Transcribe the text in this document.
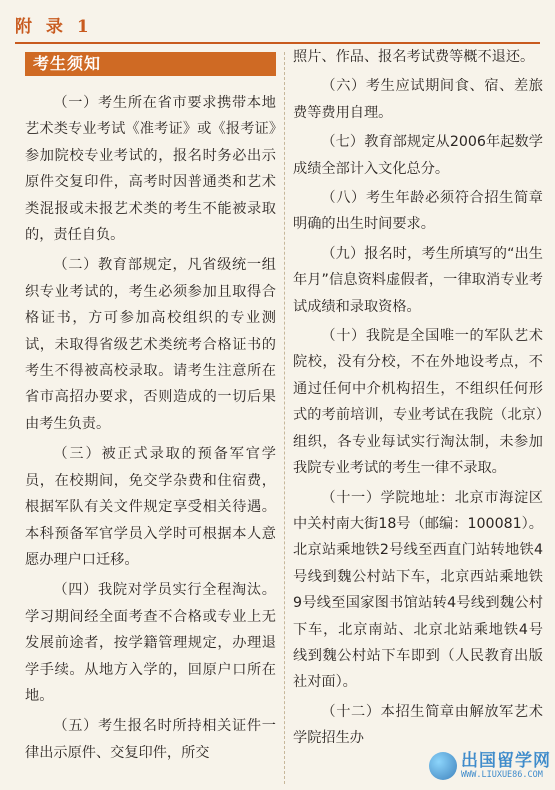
附 录 1
考生须知

（一）考生所在省市要求携带本地艺术类专业考试《准考证》或《报考证》参加院校专业考试的，报名时务必出示原件交复印件，高考时因普通类和艺术类混报或未报艺术类的考生不能被录取的，责任自负。

（二）教育部规定，凡省级统一组织专业考试的，考生必须参加且取得合格证书，方可参加高校组织的专业测试，未取得省级艺术类统考合格证书的考生不得被高校录取。请考生注意所在省市高招办要求，否则造成的一切后果由考生负责。

（三）被正式录取的预备军官学员，在校期间，免交学杂费和住宿费，根据军队有关文件规定享受相关待遇。本科预备军官学员入学时可根据本人意愿办理户口迁移。

（四）我院对学员实行全程淘汰。学习期间经全面考查不合格或专业上无发展前途者，按学籍管理规定，办理退学手续。从地方入学的，回原户口所在地。

（五）考生报名时所持相关证件一律出示原件、交复印件，所交

照片、作品、报名考试费等概不退还。

（六）考生应试期间食、宿、差旅费等费用自理。

（七）教育部规定从2006年起数学成绩全部计入文化总分。

（八）考生年龄必须符合招生简章明确的出生时间要求。

（九）报名时，考生所填写的“出生年月”信息资料虚假者，一律取消专业考试成绩和录取资格。

（十）我院是全国唯一的军队艺术院校，没有分校，不在外地设考点，不通过任何中介机构招生，不组织任何形式的考前培训，专业考试在我院（北京）组织，各专业每试实行淘汰制，未参加我院专业考试的考生一律不录取。

（十一）学院地址：北京市海淀区中关村南大街18号（邮编：100081）。北京站乘地铁2号线至西直门站转地铁4号线到魏公村站下车，北京西站乘地铁9号线至国家图书馆站转4号线到魏公村下车，北京南站、北京北站乘地铁4号线到魏公村站下车即到（人民教育出版社对面）。

（十二）本招生简章由解放军艺术学院招生办

出国留学网
WWW.LIUXUE86.COM
